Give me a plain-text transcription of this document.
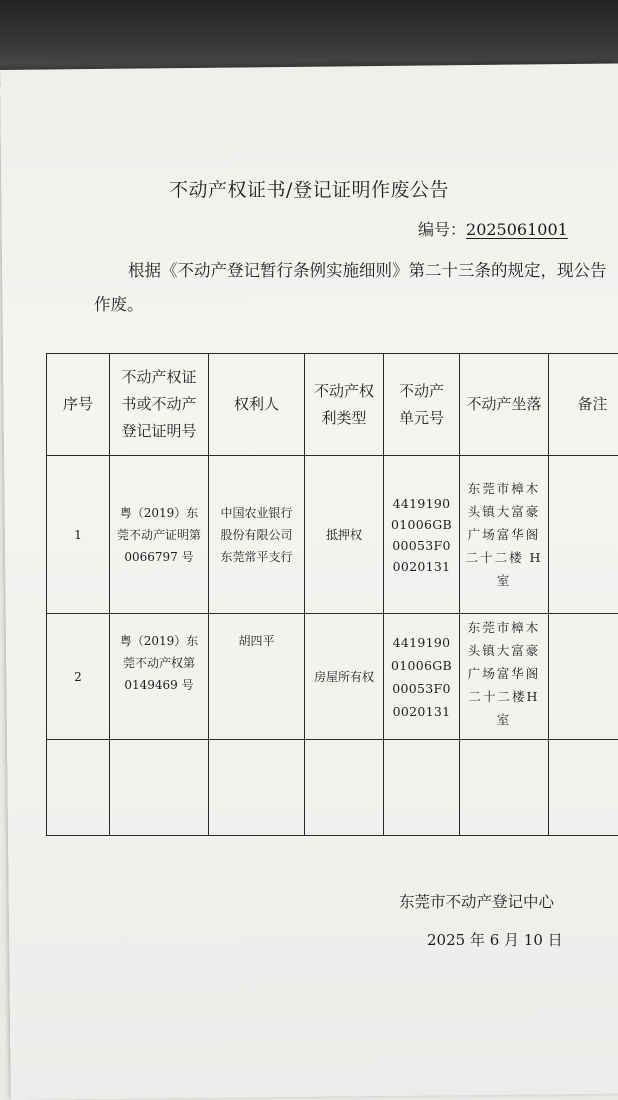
不动产权证书/登记证明作废公告
编号：2025061001
根据《不动产登记暂行条例实施细则》第二十三条的规定，现公告作废。
序号	不动产权证书或不动产登记证明号	权利人	不动产权利类型	不动产单元号	不动产坐落	备注
1	粤（2019）东莞不动产证明第0066797 号	中国农业银行股份有限公司东莞常平支行	抵押权	441919001006GB00053F00020131	东莞市樟木头镇大富豪广场富华阁二十二楼 H 室	
2	粤（2019）东莞不动产权第0149469 号	胡四平	房屋所有权	441919001006GB00053F00020131	东莞市樟木头镇大富豪广场富华阁二十二楼H室	

东莞市不动产登记中心
2025 年 6 月 10 日
